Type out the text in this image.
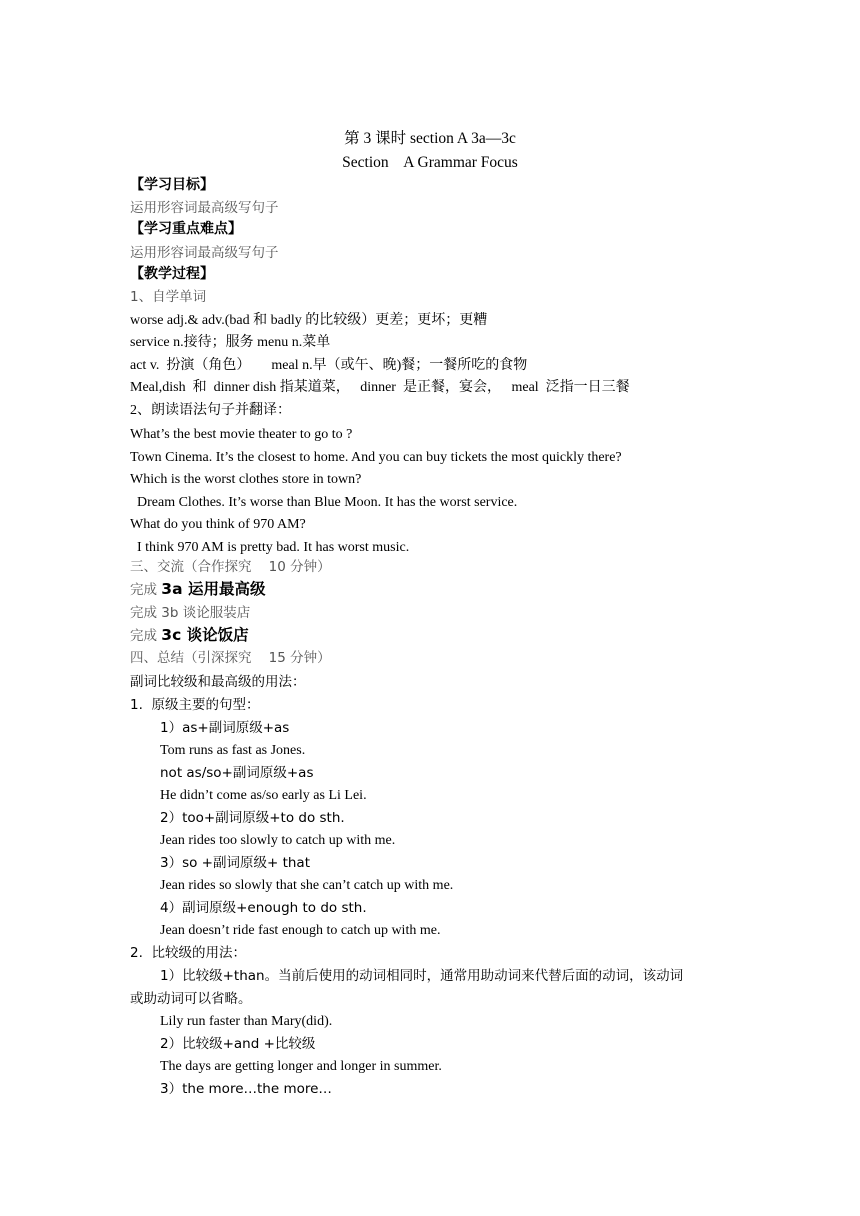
第 3 课时 section A 3a—3c
Section    A Grammar Focus
【学习目标】
运用形容词最高级写句子
【学习重点难点】
运用形容词最高级写句子
【教学过程】
1、自学单词
worse adj.& adv.(bad 和 badly 的比较级）更差；更坏；更糟
service n.接待；服务 menu n.菜单
act v.  扮演（角色）      meal n.早（或午、晚)餐；一餐所吃的食物
Meal,dish  和  dinner dish 指某道菜，   dinner  是正餐，宴会，   meal  泛指一日三餐
2、朗读语法句子并翻译：
What’s the best movie theater to go to ?
Town Cinema. It’s the closest to home. And you can buy tickets the most quickly there?
Which is the worst clothes store in town?
Dream Clothes. It’s worse than Blue Moon. It has the worst service.
What do you think of 970 AM?
I think 970 AM is pretty bad. It has worst music.
三、交流（合作探究    10 分钟）
完成 3a 运用最高级
完成 3b 谈论服装店
完成 3c 谈论饭店
四、总结（引深探究    15 分钟）
副词比较级和最高级的用法：
1.  原级主要的句型：
1）as+副词原级+as
Tom runs as fast as Jones.
not as/so+副词原级+as
He didn’t come as/so early as Li Lei.
2）too+副词原级+to do sth.
Jean rides too slowly to catch up with me.
3）so +副词原级+ that
Jean rides so slowly that she can’t catch up with me.
4）副词原级+enough to do sth.
Jean doesn’t ride fast enough to catch up with me.
2.  比较级的用法：
1）比较级+than。当前后使用的动词相同时，通常用助动词来代替后面的动词，该动词
或助动词可以省略。
Lily run faster than Mary(did).
2）比较级+and +比较级
The days are getting longer and longer in summer.
3）the more…the more…
